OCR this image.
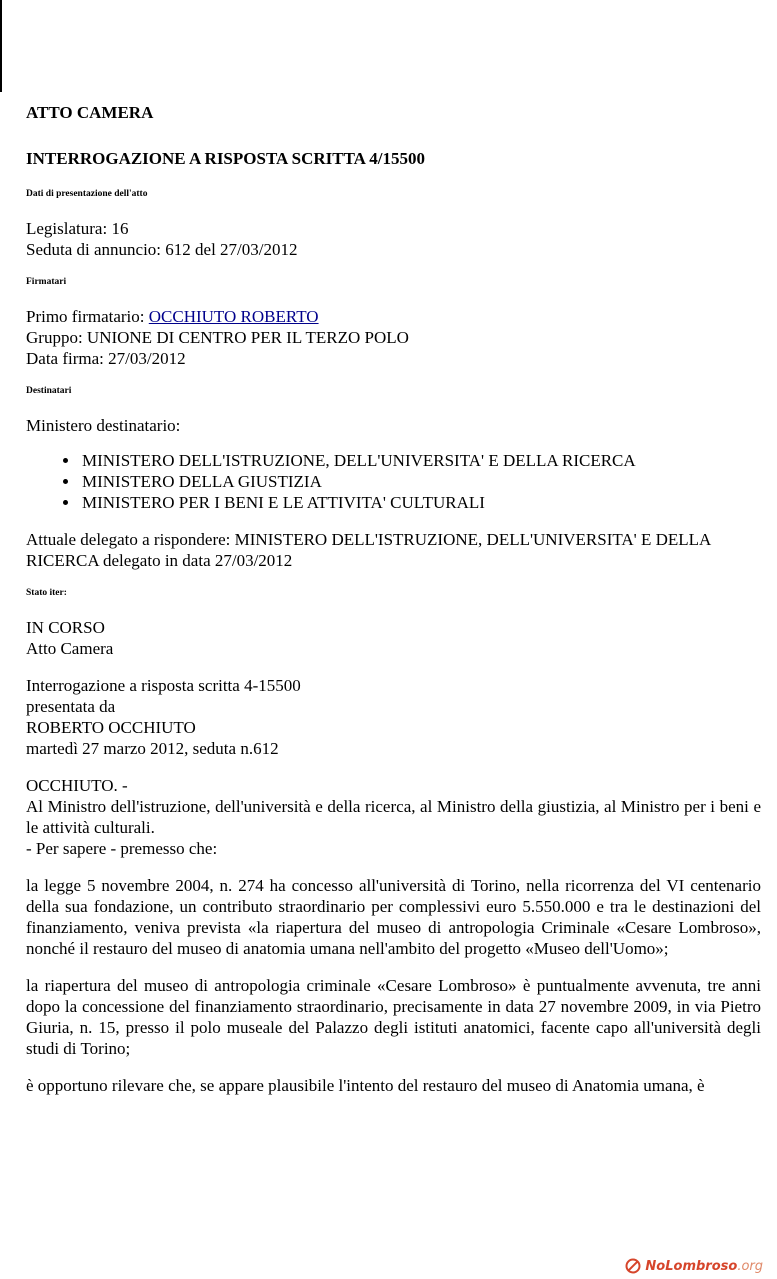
ATTO CAMERA
INTERROGAZIONE A RISPOSTA SCRITTA 4/15500
Dati di presentazione dell'atto

Legislatura: 16

Seduta di annuncio: 612 del 27/03/2012

Firmatari

Primo firmatario: OCCHIUTO ROBERTO

Gruppo: UNIONE DI CENTRO PER IL TERZO POLO

Data firma: 27/03/2012

Destinatari

Ministero destinatario:

• MINISTERO DELL'ISTRUZIONE, DELL'UNIVERSITA' E DELLA RICERCA
• MINISTERO DELLA GIUSTIZIA
• MINISTERO PER I BENI E LE ATTIVITA' CULTURALI

Attuale delegato a rispondere: MINISTERO DELL'ISTRUZIONE, DELL'UNIVERSITA' E DELLA RICERCA delegato in data 27/03/2012

Stato iter:

IN CORSO

Atto Camera

Interrogazione a risposta scritta 4-15500

presentata da

ROBERTO OCCHIUTO

martedì 27 marzo 2012, seduta n.612

OCCHIUTO. -

Al Ministro dell'istruzione, dell'università e della ricerca, al Ministro della giustizia, al Ministro per i beni e le attività culturali.

- Per sapere - premesso che:

la legge 5 novembre 2004, n. 274 ha concesso all'università di Torino, nella ricorrenza del VI centenario della sua fondazione, un contributo straordinario per complessivi euro 5.550.000 e tra le destinazioni del finanziamento, veniva prevista «la riapertura del museo di antropologia Criminale «Cesare Lombroso», nonché il restauro del museo di anatomia umana nell'ambito del progetto «Museo dell'Uomo»;

la riapertura del museo di antropologia criminale «Cesare Lombroso» è puntualmente avvenuta, tre anni dopo la concessione del finanziamento straordinario, precisamente in data 27 novembre 2009, in via Pietro Giuria, n. 15, presso il polo museale del Palazzo degli istituti anatomici, facente capo all'università degli studi di Torino;

è opportuno rilevare che, se appare plausibile l'intento del restauro del museo di Anatomia umana, è

NoLombroso.org
